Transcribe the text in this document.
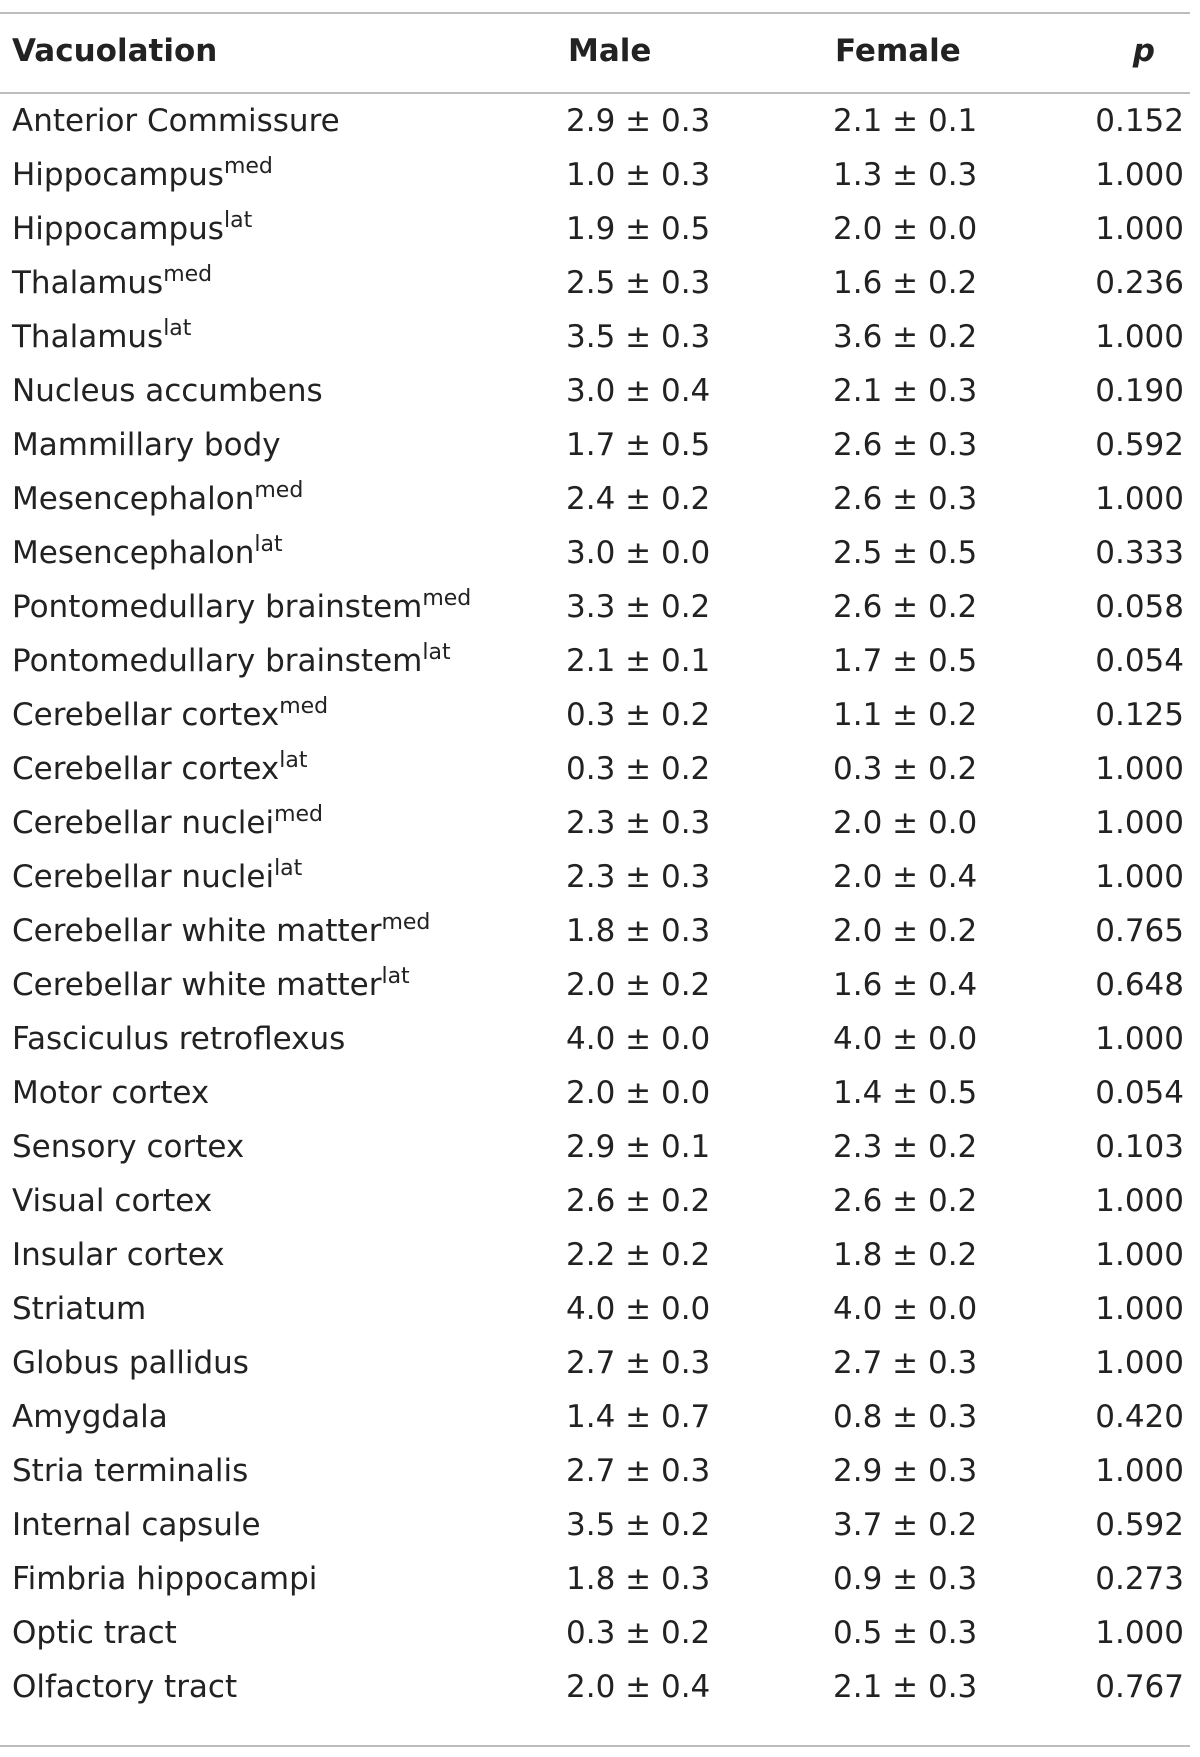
Vacuolation	Male	Female	p
Anterior Commissure	2.9 ± 0.3	2.1 ± 0.1	0.152
Hippocampus$^{med}$	1.0 ± 0.3	1.3 ± 0.3	1.000
Hippocampus$^{lat}$	1.9 ± 0.5	2.0 ± 0.0	1.000
Thalamus$^{med}$	2.5 ± 0.3	1.6 ± 0.2	0.236
Thalamus$^{lat}$	3.5 ± 0.3	3.6 ± 0.2	1.000
Nucleus accumbens	3.0 ± 0.4	2.1 ± 0.3	0.190
Mammillary body	1.7 ± 0.5	2.6 ± 0.3	0.592
Mesencephalon$^{med}$	2.4 ± 0.2	2.6 ± 0.3	1.000
Mesencephalon$^{lat}$	3.0 ± 0.0	2.5 ± 0.5	0.333
Pontomedullary brainstem$^{med}$	3.3 ± 0.2	2.6 ± 0.2	0.058
Pontomedullary brainstem$^{lat}$	2.1 ± 0.1	1.7 ± 0.5	0.054
Cerebellar cortex$^{med}$	0.3 ± 0.2	1.1 ± 0.2	0.125
Cerebellar cortex$^{lat}$	0.3 ± 0.2	0.3 ± 0.2	1.000
Cerebellar nuclei$^{med}$	2.3 ± 0.3	2.0 ± 0.0	1.000
Cerebellar nuclei$^{lat}$	2.3 ± 0.3	2.0 ± 0.4	1.000
Cerebellar white matter$^{med}$	1.8 ± 0.3	2.0 ± 0.2	0.765
Cerebellar white matter$^{lat}$	2.0 ± 0.2	1.6 ± 0.4	0.648
Fasciculus retroflexus	4.0 ± 0.0	4.0 ± 0.0	1.000
Motor cortex	2.0 ± 0.0	1.4 ± 0.5	0.054
Sensory cortex	2.9 ± 0.1	2.3 ± 0.2	0.103
Visual cortex	2.6 ± 0.2	2.6 ± 0.2	1.000
Insular cortex	2.2 ± 0.2	1.8 ± 0.2	1.000
Striatum	4.0 ± 0.0	4.0 ± 0.0	1.000
Globus pallidus	2.7 ± 0.3	2.7 ± 0.3	1.000
Amygdala	1.4 ± 0.7	0.8 ± 0.3	0.420
Stria terminalis	2.7 ± 0.3	2.9 ± 0.3	1.000
Internal capsule	3.5 ± 0.2	3.7 ± 0.2	0.592
Fimbria hippocampi	1.8 ± 0.3	0.9 ± 0.3	0.273
Optic tract	0.3 ± 0.2	0.5 ± 0.3	1.000
Olfactory tract	2.0 ± 0.4	2.1 ± 0.3	0.767
